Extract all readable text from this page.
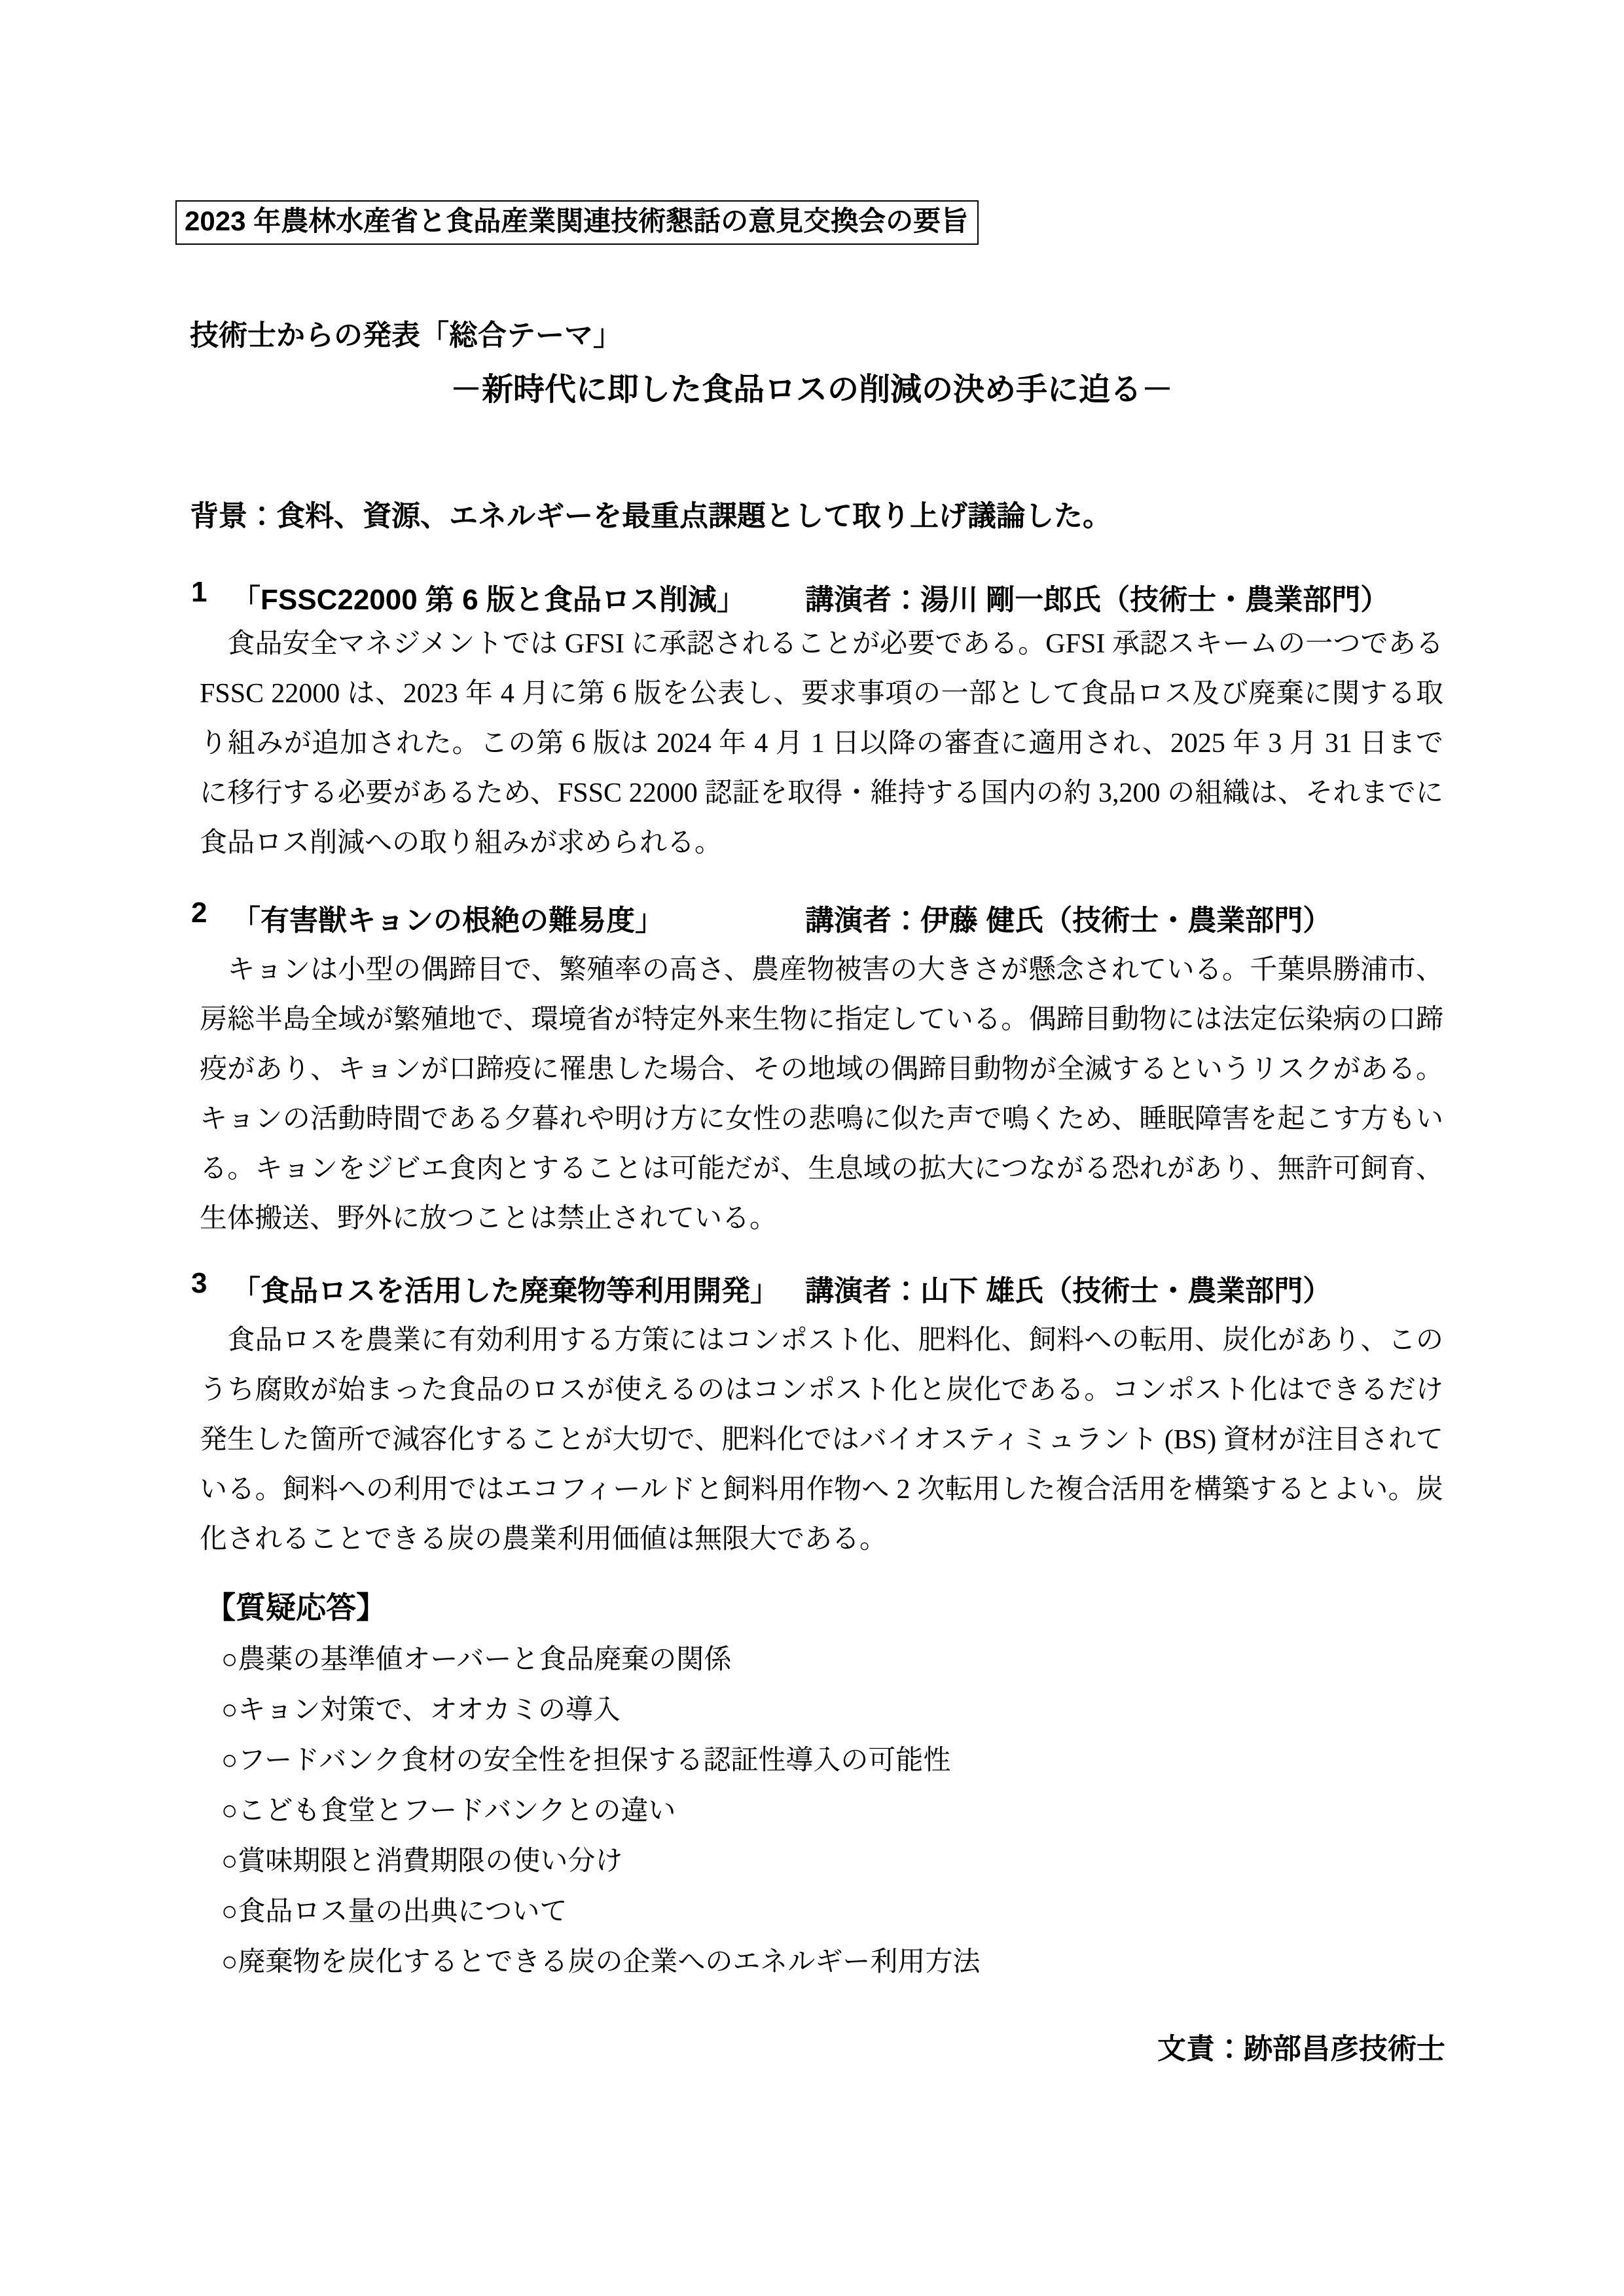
2023 年農林水産省と食品産業関連技術懇話の意見交換会の要旨
技術士からの発表「総合テーマ」
－新時代に即した食品ロスの削減の決め手に迫る－
背景：食料、資源、エネルギーを最重点課題として取り上げ議論した。
1 「FSSC22000 第 6 版と食品ロス削減」	講演者：湯川 剛一郎氏（技術士・農業部門）
　食品安全マネジメントでは GFSI に承認されることが必要である。GFSI 承認スキームの一つである FSSC 22000 は、2023 年 4 月に第 6 版を公表し、要求事項の一部として食品ロス及び廃棄に関する取り組みが追加された。この第 6 版は 2024 年 4 月 1 日以降の審査に適用され、2025 年 3 月 31 日までに移行する必要があるため、FSSC 22000 認証を取得・維持する国内の約 3,200 の組織は、それまでに食品ロス削減への取り組みが求められる。
2 「有害獣キョンの根絶の難易度」	講演者：伊藤 健氏（技術士・農業部門）
　キョンは小型の偶蹄目で、繁殖率の高さ、農産物被害の大きさが懸念されている。千葉県勝浦市、房総半島全域が繁殖地で、環境省が特定外来生物に指定している。偶蹄目動物には法定伝染病の口蹄疫があり、キョンが口蹄疫に罹患した場合、その地域の偶蹄目動物が全滅するというリスクがある。キョンの活動時間である夕暮れや明け方に女性の悲鳴に似た声で鳴くため、睡眠障害を起こす方もいる。キョンをジビエ食肉とすることは可能だが、生息域の拡大につながる恐れがあり、無許可飼育、生体搬送、野外に放つことは禁止されている。
3 「食品ロスを活用した廃棄物等利用開発」 講演者：山下 雄氏（技術士・農業部門）
　食品ロスを農業に有効利用する方策にはコンポスト化、肥料化、飼料への転用、炭化があり、このうち腐敗が始まった食品のロスが使えるのはコンポスト化と炭化である。コンポスト化はできるだけ発生した箇所で減容化することが大切で、肥料化ではバイオスティミュラント (BS) 資材が注目されている。飼料への利用ではエコフィールドと飼料用作物へ 2 次転用した複合活用を構築するとよい。炭化されることできる炭の農業利用価値は無限大である。
【質疑応答】
○農薬の基準値オーバーと食品廃棄の関係
○キョン対策で、オオカミの導入
○フードバンク食材の安全性を担保する認証性導入の可能性
○こども食堂とフードバンクとの違い
○賞味期限と消費期限の使い分け
○食品ロス量の出典について
○廃棄物を炭化するとできる炭の企業へのエネルギー利用方法
文責：跡部昌彦技術士
